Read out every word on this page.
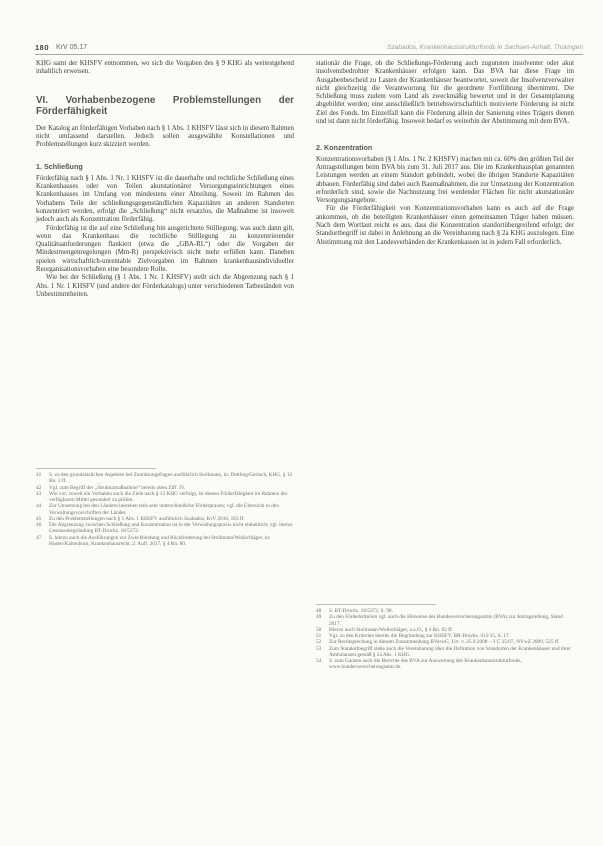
180 KrV 05.17	Szabados, Krankenhausstrukturfonds in Sachsen-Anhalt, Thüringen

KHG samt der KHSFV entnommen, wo sich die Vorgaben des § 9 KHG als weitestgehend inhaltlich erweisen.

VI. Vorhabenbezogene Problemstellungen der Förderfähigkeit

Der Katalog an förderfähigen Vorhaben nach § 1 Abs. 1 KHSFV lässt sich in diesem Rahmen nicht umfassend darstellen. Jedoch sollen ausgewählte Konstellationen und Problemstellungen kurz skizziert werden.

1. Schließung

Förderfähig nach § 1 Abs. 1 Nr. 1 KHSFV ist die dauerhafte und rechtliche Schließung eines Krankenhauses oder von Teilen akutstationärer Versorgungseinrichtungen eines Krankenhauses im Umfang von mindestens einer Abteilung. Soweit im Rahmen des Vorhabens Teile der schließungsgegenständlichen Kapazitäten an anderen Standorten konzentriert werden, erfolgt die „Schließung“ nicht ersatzlos, die Maßnahme ist insoweit jedoch auch als Konzentration förderfähig.

Förderfähig ist die auf eine Schließung hin ausgerichtete Stilllegung, was auch dann gilt, wenn das Krankenhaus die rechtliche Stilllegung zu konzentrierender Qualitätsanforderungen flankiert (etwa die „GBA-RL“) oder die Vorgaben der Mindestmengenregelungen (Mm-R) perspektivisch nicht mehr erfüllen kann. Daneben spielen wirtschaftlich-unrentable Zielvorgaben im Rahmen krankenhausindividueller Reorganisationsvorhaben eine besondere Rolle.

Wie bei der Schließung (§ 1 Abs. 1 Nr. 1 KHSFV) stellt sich die Abgrenzung nach § 1 Abs. 1 Nr. 1 KHSFV (und andere der Förderkatalogs) unter verschiedenen Tatbeständen von Unbestimmtheiten.

41 S. zu den grundsätzlichen Aspekten bei Zuordnungsfragen ausführlich Stollmann, in: Dettling/Gerlach, KHG, § 12 Rn. 3 ff.
42 Vgl. zum Begriff der „Strukturmaßnahme“ bereits oben Ziff. IV.
43 Wie vor; soweit ein Vorhaben auch die Ziele nach § 12 KHG verfolgt, ist dessen Förderfähigkeit im Rahmen der verfügbaren Mittel gesondert zu prüfen.
44 Zur Umsetzung bei den Ländern bestehen teils sehr unterschiedliche Förderpraxen; vgl. die Übersicht in den Verwaltungsvorschriften der Länder.
45 Zu den Problemstellungen nach § 1 Abs. 1 KHSFV ausführlich Szabados, KrV 2016, 183 ff.
46 Die Abgrenzung zwischen Schließung und Konzentration ist in der Verwaltungspraxis nicht einheitlich; vgl. hierzu Gesetzesbegründung BT-Drucks. 18/5372.
47 S. hierzu auch die Ausführungen zur Zweckbindung und Rückforderung bei Stollmann/Wollschläger, in: Huster/Kaltenborn, Krankenhausrecht, 2. Aufl. 2017, § 4 Rn. 80.

stationär die Frage, ob die Schließungs-Förderung auch zugunsten insolventer oder akut insolvenzbedrohter Krankenhäuser erfolgen kann. Das BVA hat diese Frage im Ausgabenbescheid zu Lasten der Krankenhäuser beantwortet, soweit der Insolvenzverwalter nicht gleichzeitig die Verantwortung für die geordnete Fortführung übernimmt. Die Schließung muss zudem vom Land als zweckmäßig bewertet und in der Gesamtplanung abgebildet werden; eine ausschließlich betriebswirtschaftlich motivierte Förderung ist nicht Ziel des Fonds. Im Einzelfall kann die Förderung allein der Sanierung eines Trägers dienen und ist dann nicht förderfähig. Insoweit bedarf es weiterhin der Abstimmung mit dem BVA.

2. Konzentration

Konzentrationsvorhaben (§ 1 Abs. 1 Nr. 2 KHSFV) machen mit ca. 60% den größten Teil der Antragstellungen beim BVA bis zum 31. Juli 2017 aus. Die im Krankenhausplan genannten Leistungen werden an einem Standort gebündelt, wobei die übrigen Standorte Kapazitäten abbauen. Förderfähig sind dabei auch Baumaßnahmen, die zur Umsetzung der Konzentration erforderlich sind, sowie die Nachnutzung frei werdender Flächen für nicht akutstationäre Versorgungsangebote.

Für die Förderfähigkeit von Konzentrationsvorhaben kann es auch auf die Frage ankommen, ob die beteiligten Krankenhäuser einen gemeinsamen Träger haben müssen. Nach dem Wortlaut reicht es aus, dass die Konzentration standortübergreifend erfolgt; der Standortbegriff ist dabei in Anlehnung an die Vereinbarung nach § 2a KHG auszulegen. Eine Abstimmung mit den Landesverbänden der Krankenkassen ist in jedem Fall erforderlich.

48 S. BT-Drucks. 18/5372, S. 90.
49 Zu den Förderkriterien vgl. auch die Hinweise des Bundesversicherungsamts (BVA) zur Antragstellung, Stand 2017.
50 Hierzu auch Stollmann/Wollschläger, a.a.O., § 4 Rn. 82 ff.
51 Vgl. zu den Kriterien bereits die Begründung zur KHSFV, BR-Drucks. 415/15, S. 17.
52 Zur Rechtsprechung in diesem Zusammenhang BVerwG, Urt. v. 25.9.2008 – 3 C 35/07, NVwZ 2009, 525 ff.
53 Zum Standortbegriff siehe auch die Vereinbarung über die Definition von Standorten der Krankenhäuser und ihrer Ambulanzen gemäß § 2a Abs. 1 KHG.
54 S. zum Ganzen auch die Berichte des BVA zur Auswertung des Krankenhausstrukturfonds, www.bundesversicherungsamt.de.
